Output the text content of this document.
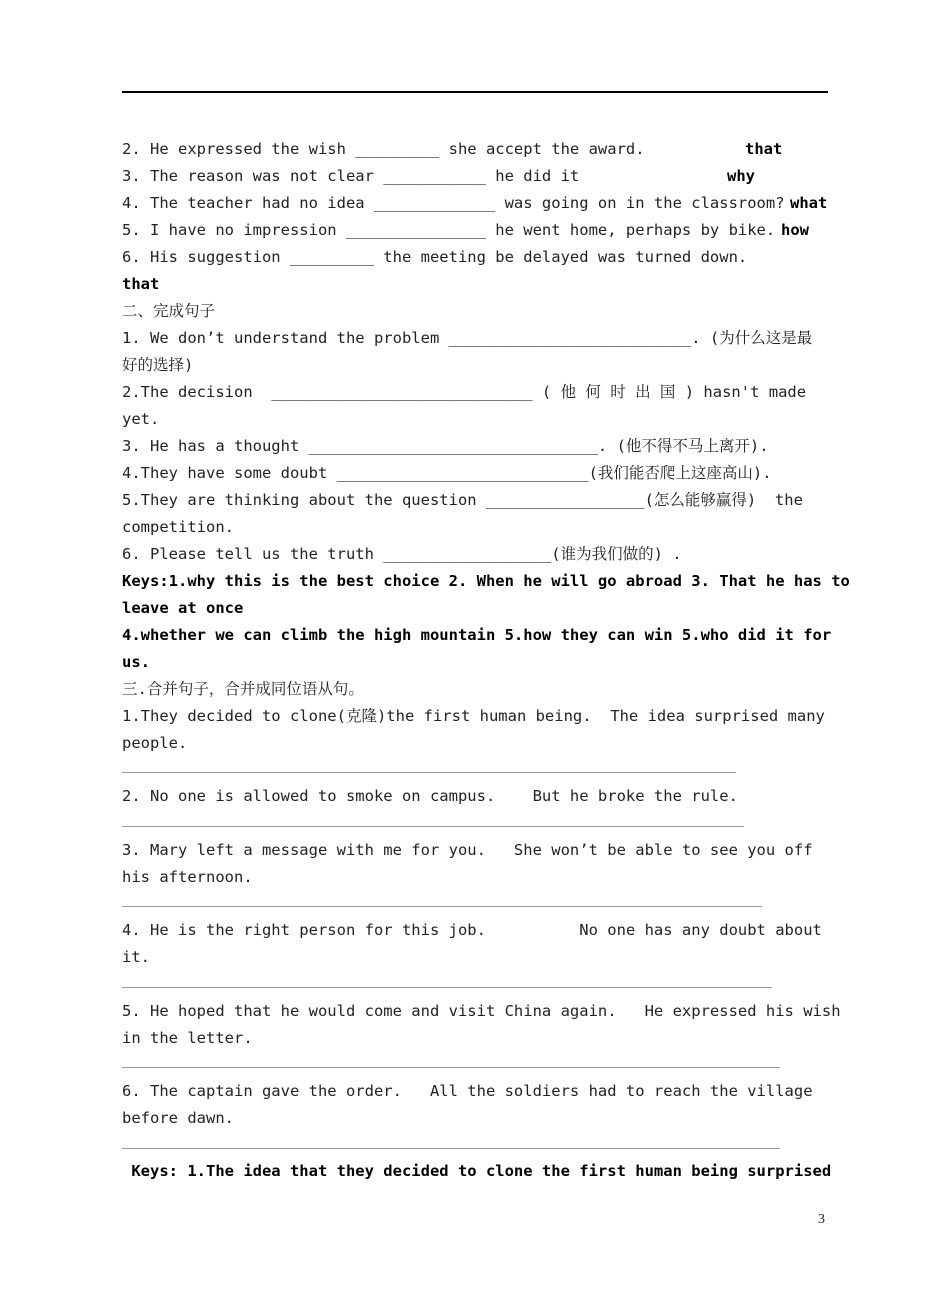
2. He expressed the wish _________ she accept the award.	that
3. The reason was not clear ___________ he did it	why
4. The teacher had no idea _____________ was going on in the classroom? what
5. I have no impression _______________ he went home, perhaps by bike. how
6. His suggestion _________ the meeting be delayed was turned down.
that
二、完成句子
1. We don’t understand the problem __________________________. (为什么这是最
好的选择)
2.The decision  ____________________________ ( 他 何 时 出 国 ) hasn't made
yet.
3. He has a thought _______________________________. (他不得不马上离开).
4.They have some doubt ___________________________(我们能否爬上这座高山).
5.They are thinking about the question _________________(怎么能够赢得)  the
competition.
6. Please tell us the truth __________________(谁为我们做的) .
Keys:1.why this is the best choice 2. When he will go abroad 3. That he has to
leave at once
4.whether we can climb the high mountain 5.how they can win 5.who did it for
us.
三.合并句子，合并成同位语从句。
1.They decided to clone(克隆)the first human being.  The idea surprised many
people.
2. No one is allowed to smoke on campus.    But he broke the rule.
3. Mary left a message with me for you.   She won’t be able to see you off
his afternoon.
4. He is the right person for this job.          No one has any doubt about
it.
5. He hoped that he would come and visit China again.   He expressed his wish
in the letter.
6. The captain gave the order.   All the soldiers had to reach the village
before dawn.
Keys: 1.The idea that they decided to clone the first human being surprised
3
